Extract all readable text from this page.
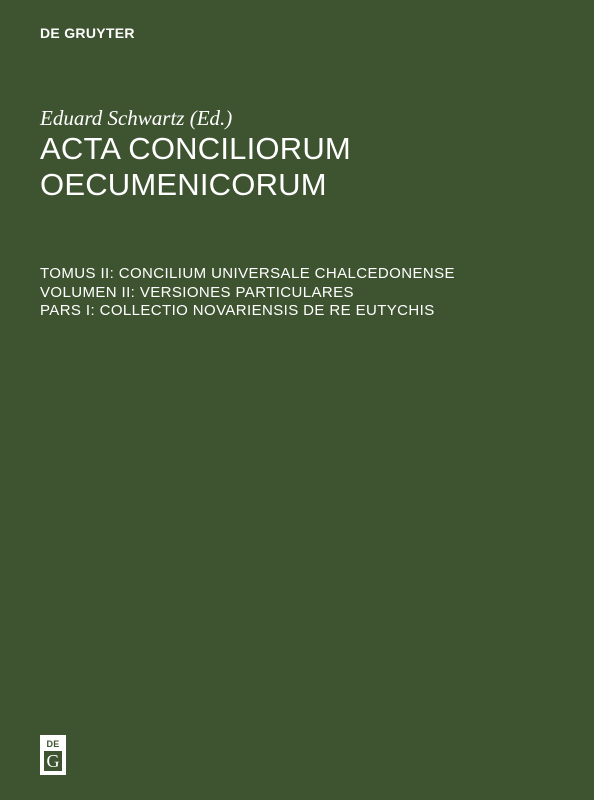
DE GRUYTER
Eduard Schwartz (Ed.)
ACTA CONCILIORUM
OECUMENICORUM
TOMUS II: CONCILIUM UNIVERSALE CHALCEDONENSE
VOLUMEN II: VERSIONES PARTICULARES
PARS I: COLLECTIO NOVARIENSIS DE RE EUTYCHIS
DE
G
